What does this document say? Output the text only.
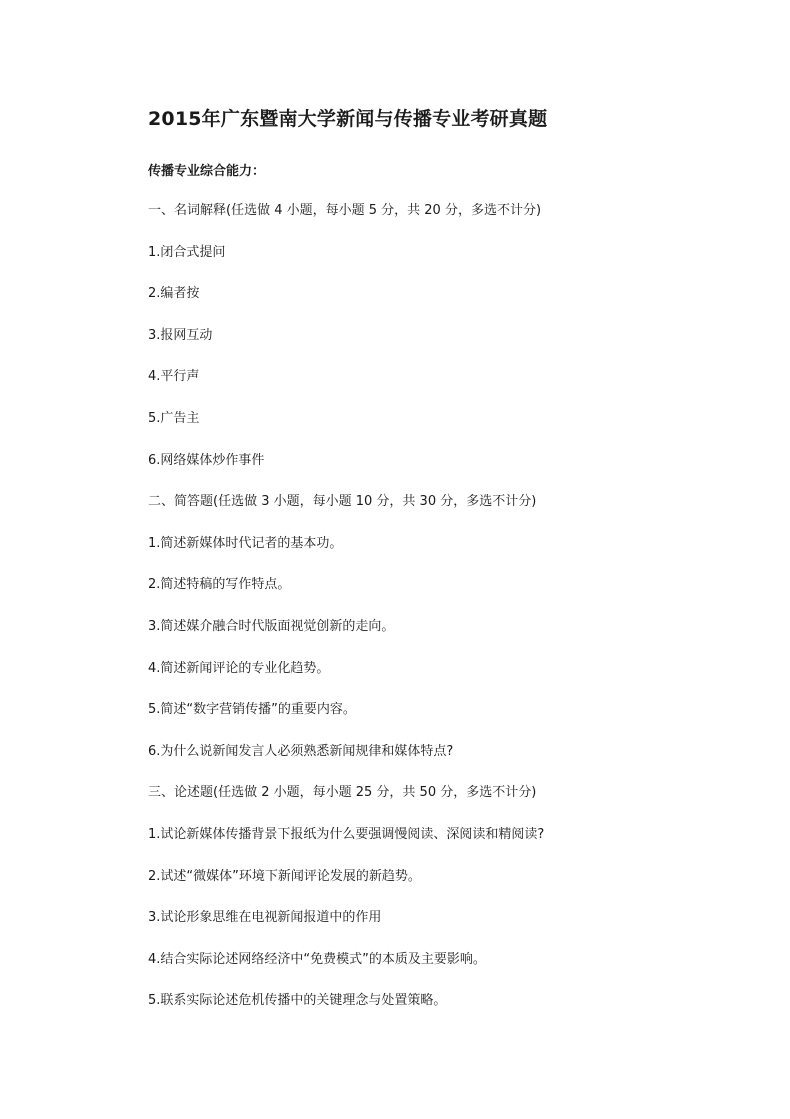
2015年广东暨南大学新闻与传播专业考研真题
传播专业综合能力：
一、名词解释(任选做 4 小题，每小题 5 分，共 20 分，多选不计分)
1.闭合式提问
2.编者按
3.报网互动
4.平行声
5.广告主
6.网络媒体炒作事件
二、简答题(任选做 3 小题，每小题 10 分，共 30 分，多选不计分)
1.简述新媒体时代记者的基本功。
2.简述特稿的写作特点。
3.简述媒介融合时代版面视觉创新的走向。
4.简述新闻评论的专业化趋势。
5.简述“数字营销传播”的重要内容。
6.为什么说新闻发言人必须熟悉新闻规律和媒体特点?
三、论述题(任选做 2 小题，每小题 25 分，共 50 分，多选不计分)
1.试论新媒体传播背景下报纸为什么要强调慢阅读、深阅读和精阅读?
2.试述“微媒体”环境下新闻评论发展的新趋势。
3.试论形象思维在电视新闻报道中的作用
4.结合实际论述网络经济中“免费模式”的本质及主要影响。
5.联系实际论述危机传播中的关键理念与处置策略。
